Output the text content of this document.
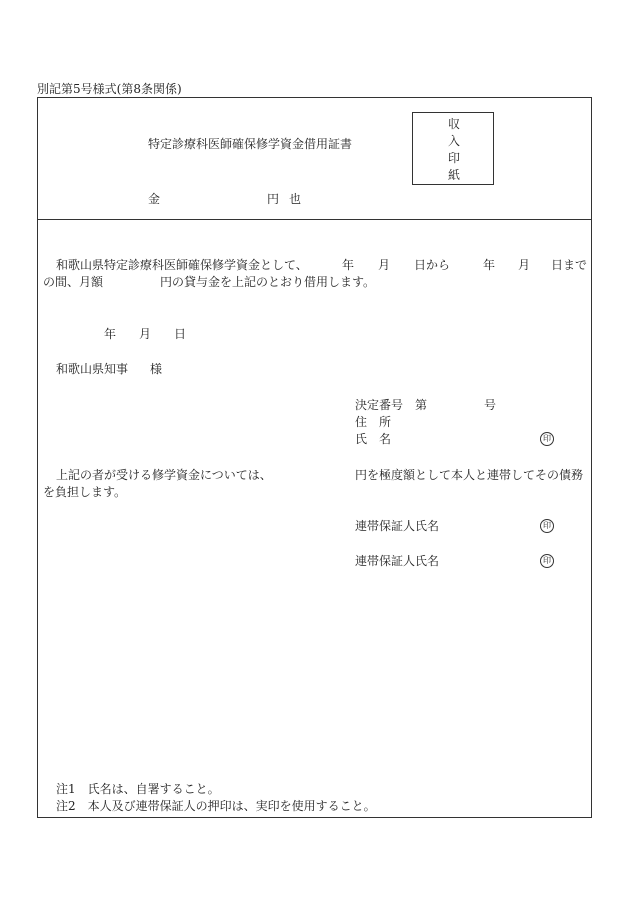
別記第5号様式(第8条関係)
特定診療科医師確保修学資金借用証書
収
入
印
紙
金	円 也
和歌山県特定診療科医師確保修学資金として、	年 月 日から	年 月 日まで
の間、月額	円の貸与金を上記のとおり借用します。
年 月 日
和歌山県知事 様
決定番号 第	号
住　所
氏　名	印
上記の者が受ける修学資金については、	円を極度額として本人と連帯してその債務
を負担します。
連帯保証人氏名	印
連帯保証人氏名	印
注1　氏名は、自署すること。
注2　本人及び連帯保証人の押印は、実印を使用すること。
